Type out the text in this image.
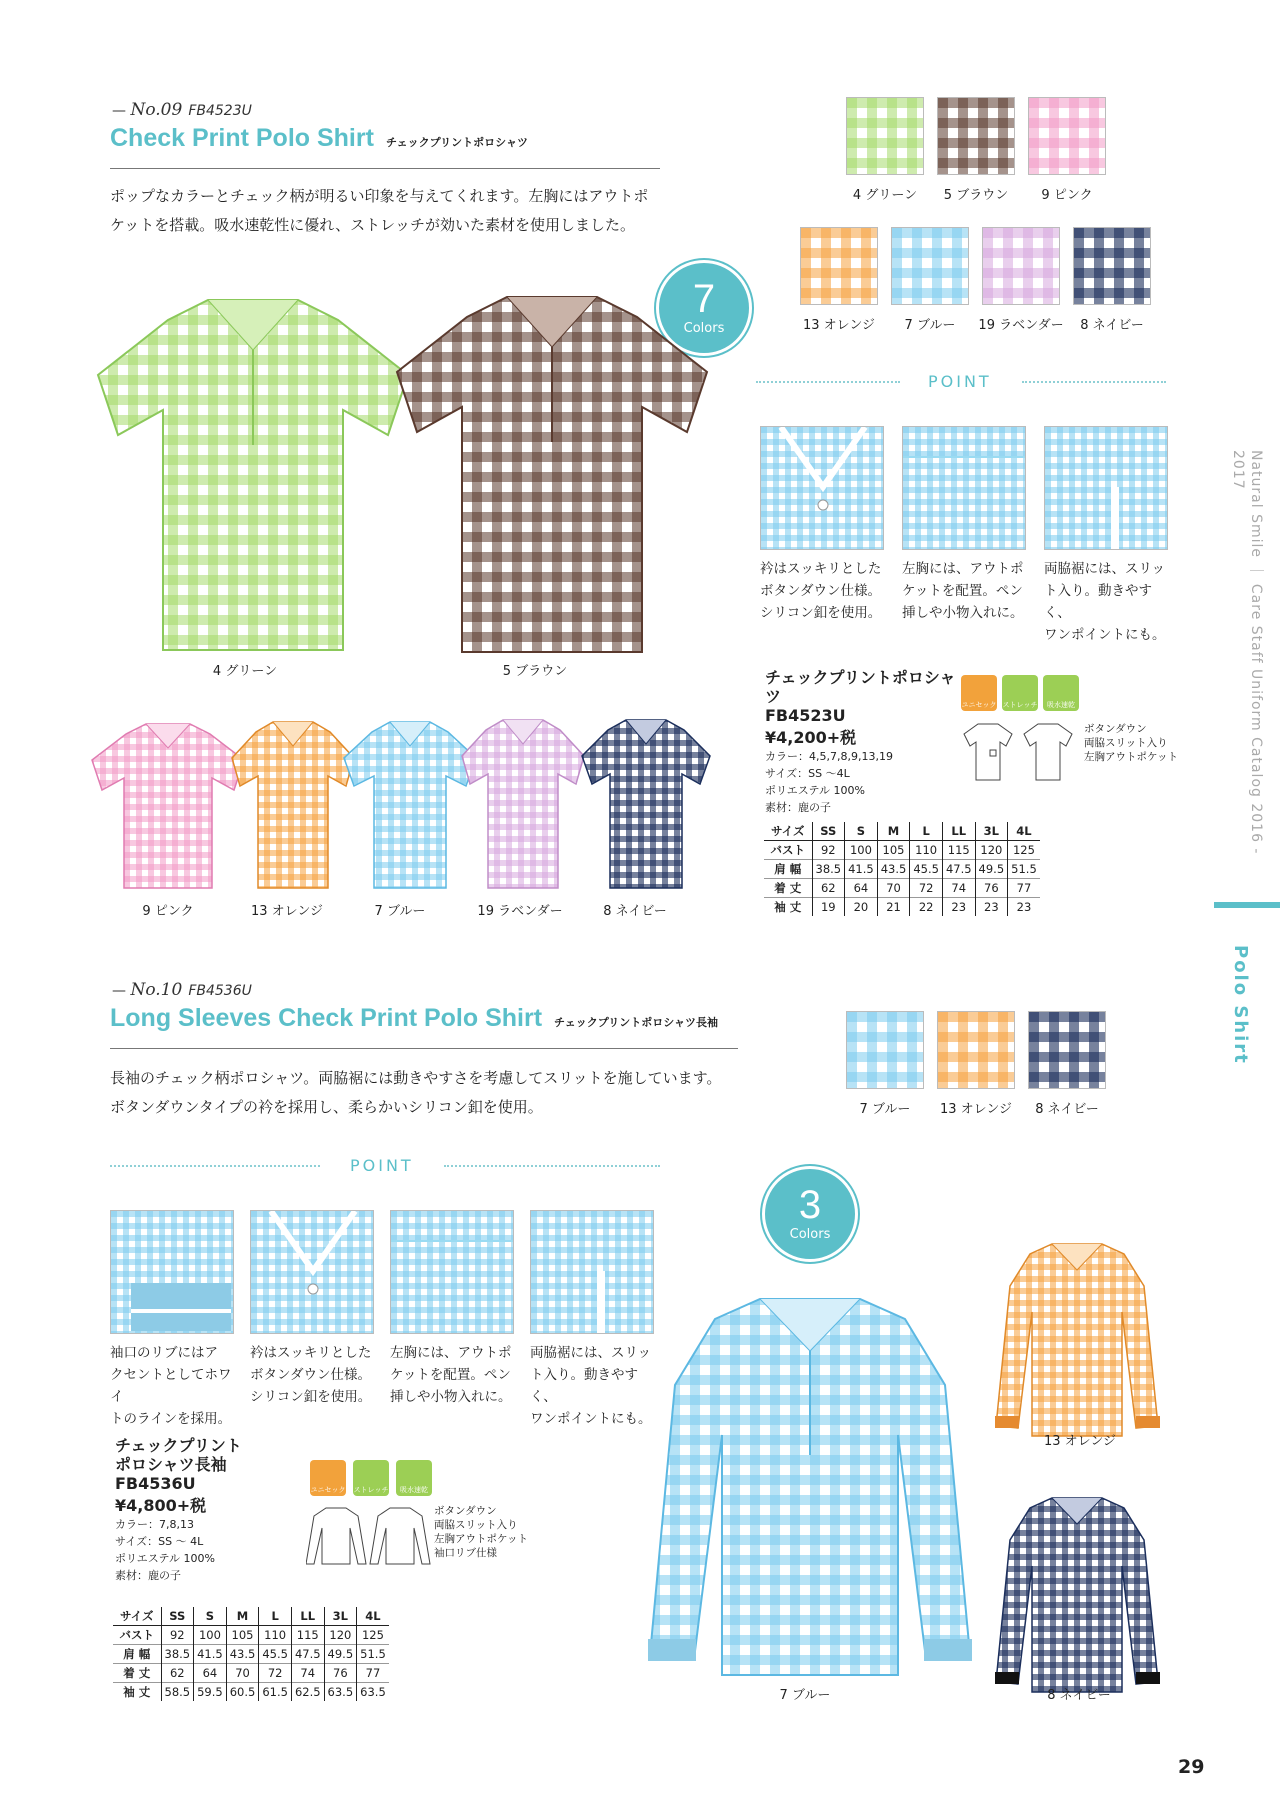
— No.09 FB4523U
Check Print Polo Shirt チェックプリントポロシャツ
ポップなカラーとチェック柄が明るい印象を与えてくれます。左胸にはアウトポ
ケットを搭載。吸水速乾性に優れ、ストレッチが効いた素材を使用しました。
7
Colors
4 グリーン	5 ブラウン	9 ピンク
13 オレンジ	7 ブルー	19 ラベンダー	8 ネイビー
POINT
衿はスッキリとした
ボタンダウン仕様。
シリコン釦を使用。
左胸には、アウトポ
ケットを配置。ペン
挿しや小物入れに。
両脇裾には、スリッ
ト入り。動きやすく、
ワンポイントにも。
4 グリーン	5 ブラウン
9 ピンク	13 オレンジ	7 ブルー	19 ラベンダー	8 ネイビー
チェックプリントポロシャツ
FB4523U
¥4,200+税
カラー：4,5,7,8,9,13,19
サイズ：SS ～4L
ポリエステル 100%
素材：鹿の子
ユニセックス
ストレッチ	吸水速乾
ボタンダウン
両脇スリット入り
左胸アウトポケット
サイズ	SS	S	M	L	LL	3L	4L
バスト	92	100	105	110	115	120	125
肩 幅	38.5	41.5	43.5	45.5	47.5	49.5	51.5
着 丈	62	64	70	72	74	76	77
袖 丈	19	20	21	22	23	23	23
— No.10 FB4536U
Long Sleeves Check Print Polo Shirt チェックプリントポロシャツ長袖
長袖のチェック柄ポロシャツ。両脇裾には動きやすさを考慮してスリットを施しています。
ボタンダウンタイプの衿を採用し、柔らかいシリコン釦を使用。	7 ブルー	13 オレンジ	8 ネイビー
POINT
袖口のリブにはア
クセントとしてホワイ
トのラインを採用。
衿はスッキリとした
ボタンダウン仕様。
シリコン釦を使用。
左胸には、アウトポ
ケットを配置。ペン
挿しや小物入れに。
両脇裾には、スリッ
ト入り。動きやすく、
ワンポイントにも。
3
Colors
13 オレンジ
7 ブルー	8 ネイビー
チェックプリント
ポロシャツ長袖
FB4536U
¥4,800+税
カラー：7,8,13
サイズ：SS ～ 4L
ポリエステル 100%
素材：鹿の子
ユニセックス
ストレッチ	吸水速乾
ボタンダウン
両脇スリット入り
左胸アウトポケット
袖口リブ仕様
サイズ	SS	S	M	L	LL	3L	4L
バスト	92	100	105	110	115	120	125
肩 幅	38.5	41.5	43.5	45.5	47.5	49.5	51.5
着 丈	62	64	70	72	74	76	77
袖 丈	58.5	59.5	60.5	61.5	62.5	63.5	63.5
Natural Smile ｜ Care Staff Uniform Catalog 2016 - 2017
Polo Shirt
29
